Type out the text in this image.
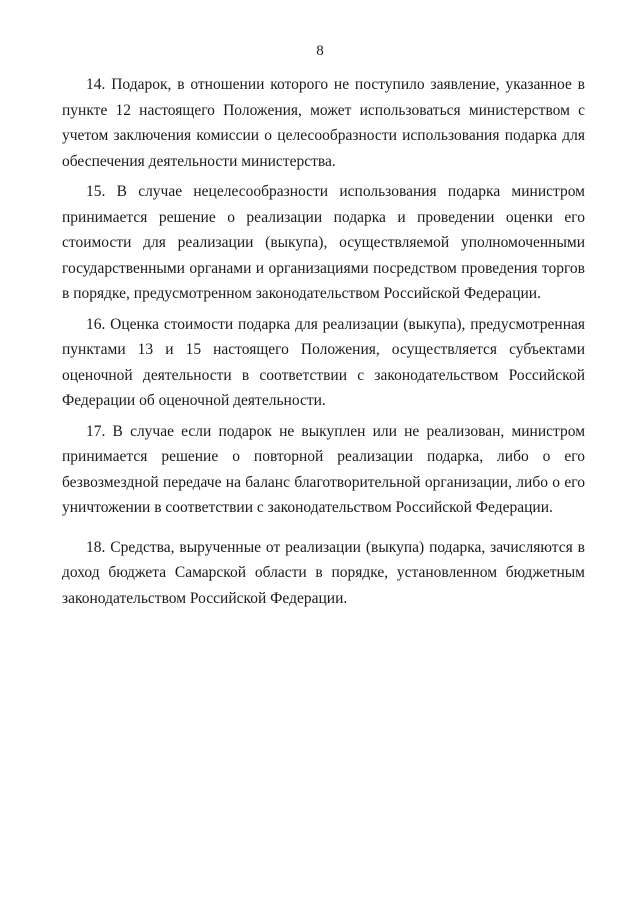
8

14. Подарок, в отношении которого не поступило заявление, указанное в пункте 12 настоящего Положения, может использоваться министерством с учетом заключения комиссии о целесообразности использования подарка для обеспечения деятельности министерства.

15. В случае нецелесообразности использования подарка министром принимается решение о реализации подарка и проведении оценки его стоимости для реализации (выкупа), осуществляемой уполномоченными государственными органами и организациями посредством проведения торгов в порядке, предусмотренном законодательством Российской Федерации.

16. Оценка стоимости подарка для реализации (выкупа), предусмотренная пунктами 13 и 15 настоящего Положения, осуществляется субъектами оценочной деятельности в соответствии с законодательством Российской Федерации об оценочной деятельности.

17. В случае если подарок не выкуплен или не реализован, министром принимается решение о повторной реализации подарка, либо о его безвозмездной передаче на баланс благотворительной организации, либо о его уничтожении в соответствии с законодательством Российской Федерации.

18. Средства, вырученные от реализации (выкупа) подарка, зачисляются в доход бюджета Самарской области в порядке, установленном бюджетным законодательством Российской Федерации.
